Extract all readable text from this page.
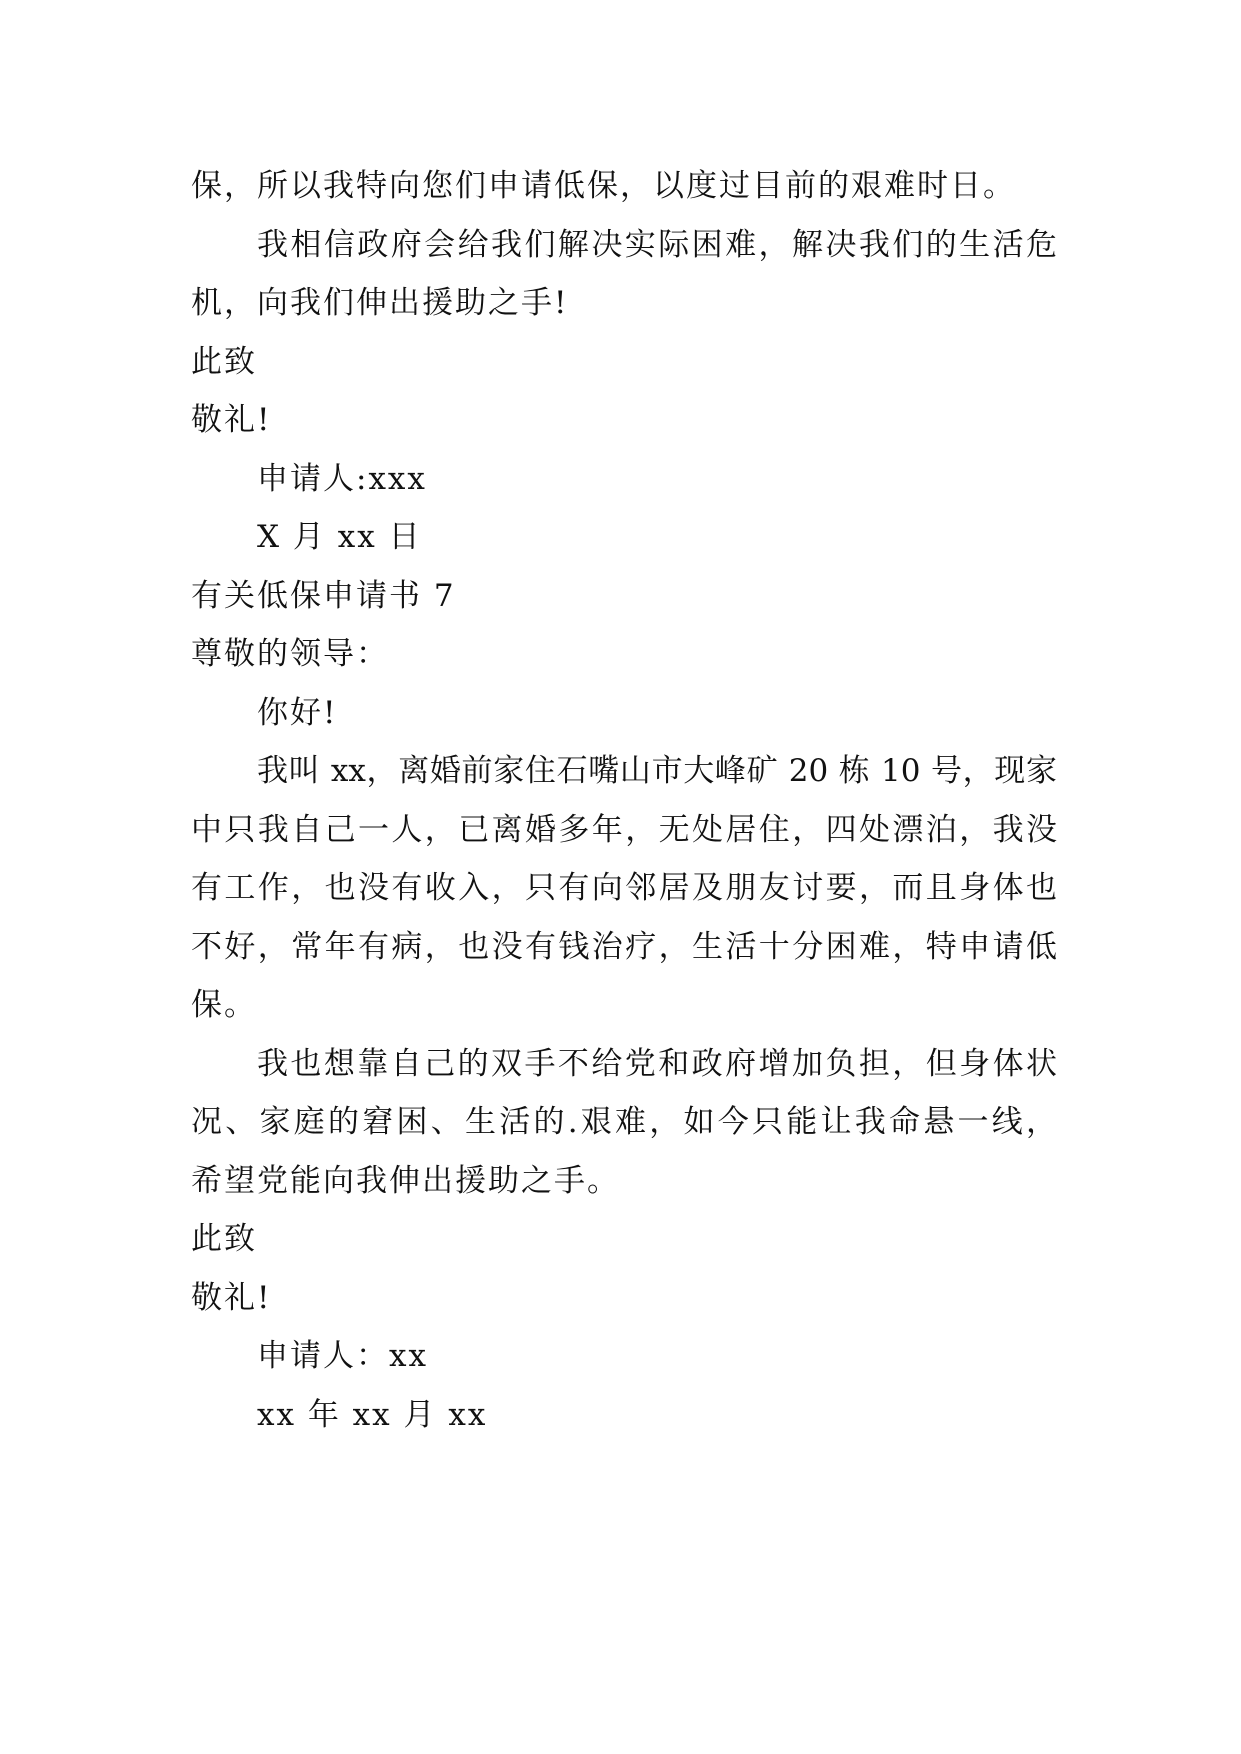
保，所以我特向您们申请低保，以度过目前的艰难时日。
我相信政府会给我们解决实际困难，解决我们的生活危
机，向我们伸出援助之手!
此致
敬礼!
申请人:xxx
X 月 xx 日
有关低保申请书 7
尊敬的领导：
你好!
我叫 xx，离婚前家住石嘴山市大峰矿 20 栋 10 号，现家
中只我自己一人，已离婚多年，无处居住，四处漂泊，我没
有工作，也没有收入，只有向邻居及朋友讨要，而且身体也
不好，常年有病，也没有钱治疗，生活十分困难，特申请低
保。
我也想靠自己的双手不给党和政府增加负担，但身体状
况、家庭的窘困、生活的.艰难，如今只能让我命悬一线，
希望党能向我伸出援助之手。
此致
敬礼!
申请人：xx
xx 年 xx 月 xx
